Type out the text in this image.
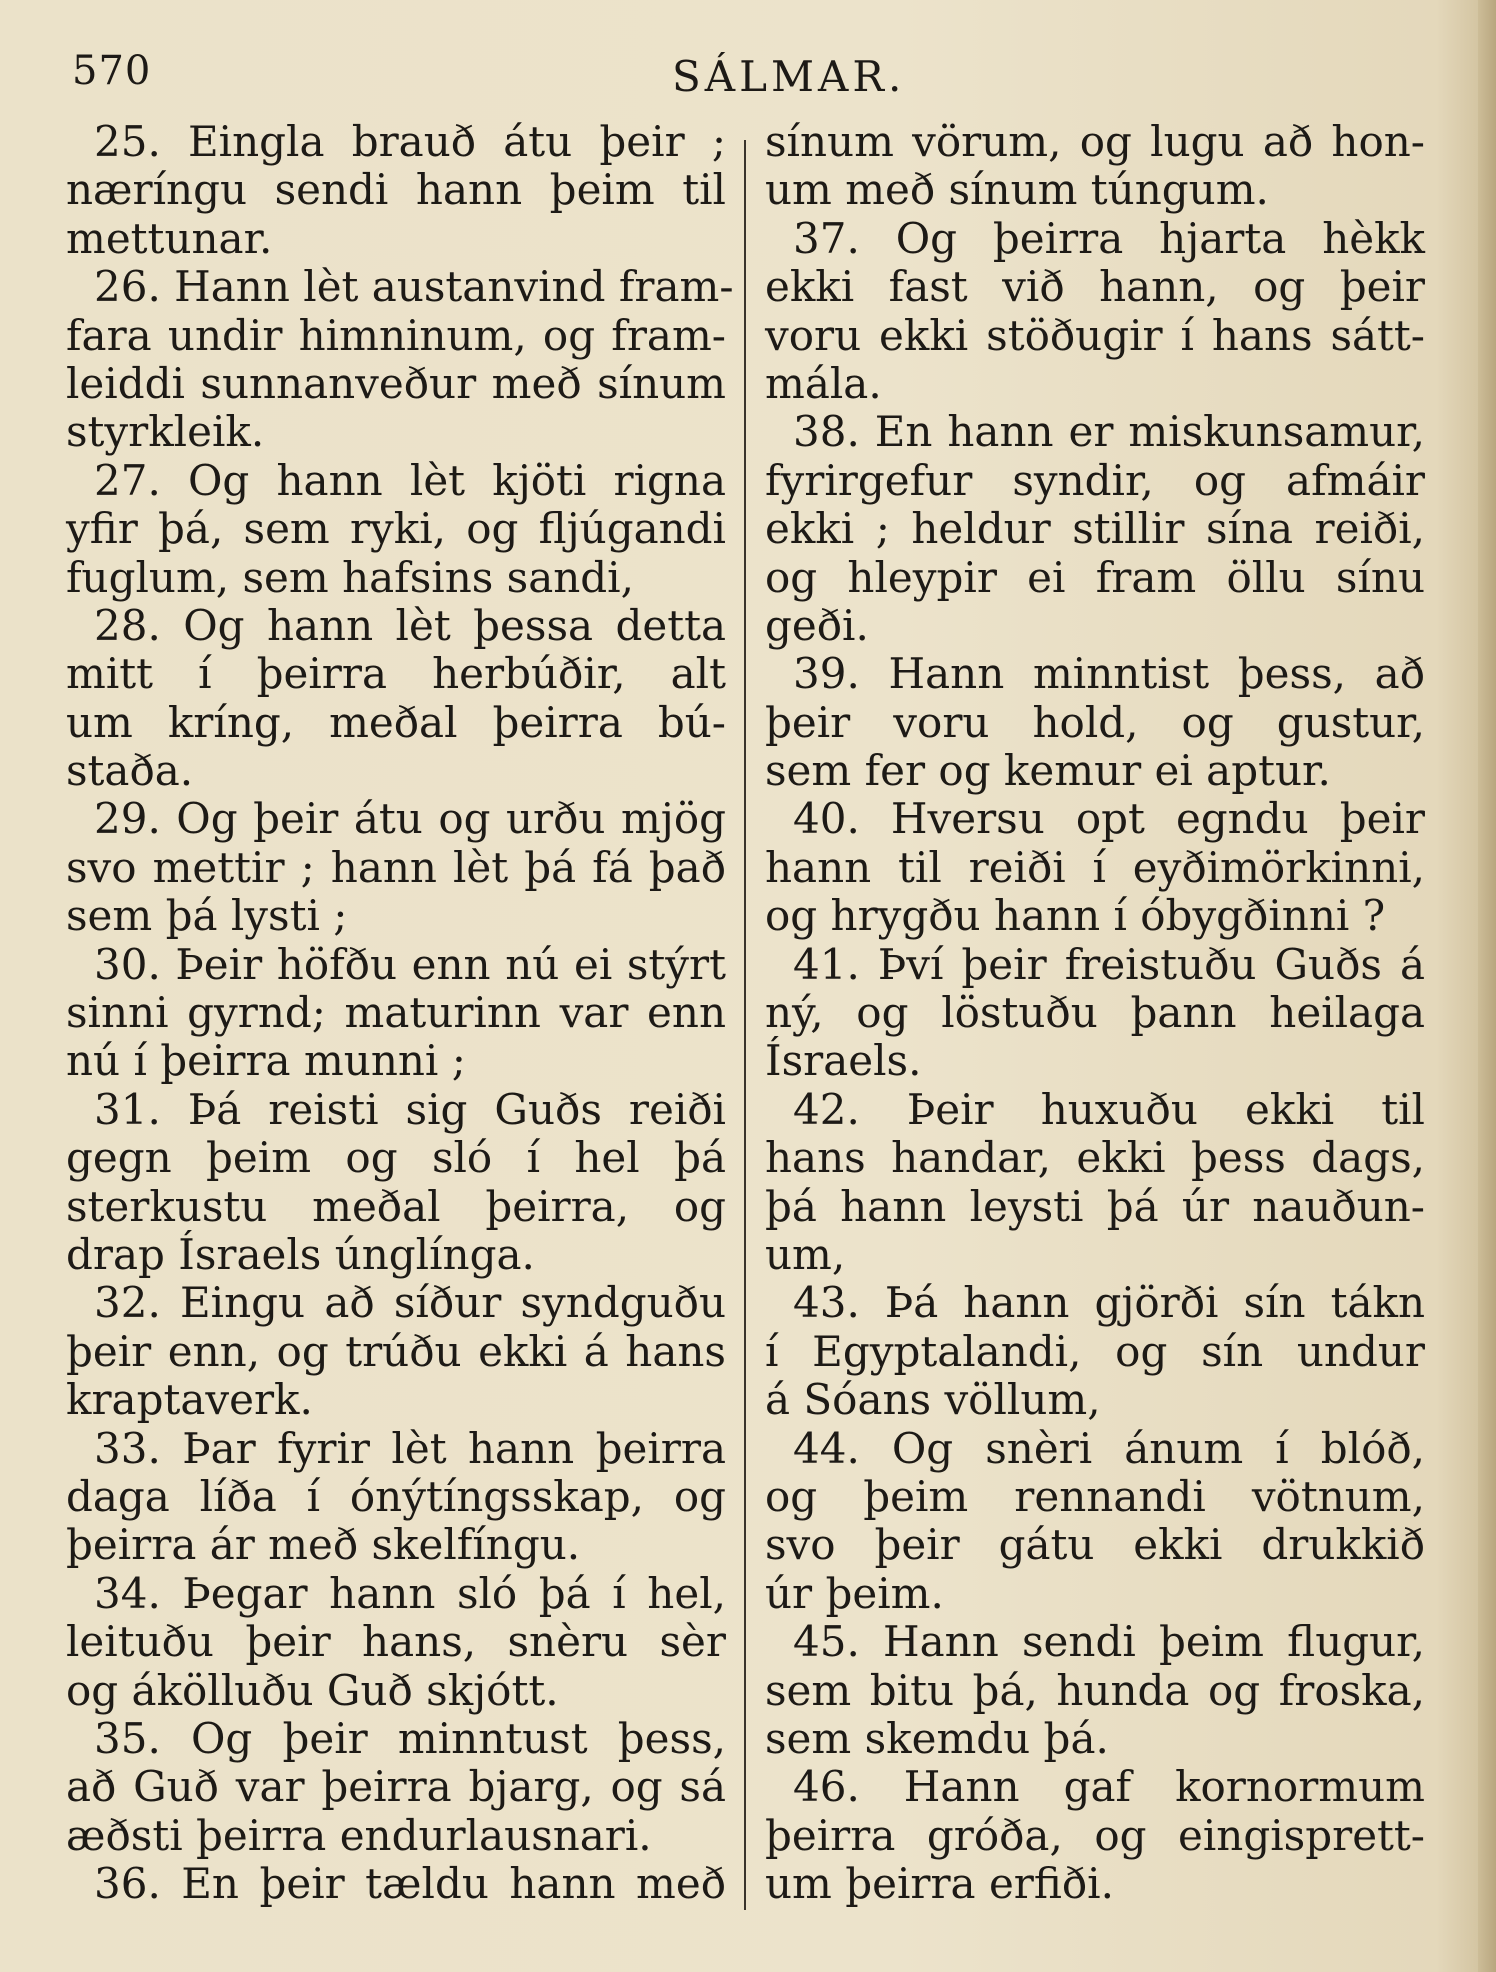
570	SÁLMAR.
25. Eingla brauð átu þeir ;
næríngu sendi hann þeim til
mettunar.
26. Hann lèt austanvind fram-
fara undir himninum, og fram-
leiddi sunnanveður með sínum
styrkleik.
27. Og hann lèt kjöti rigna
yfir þá, sem ryki, og fljúgandi
fuglum, sem hafsins sandi,
28. Og hann lèt þessa detta
mitt í þeirra herbúðir, alt
um kríng, meðal þeirra bú-
staða.
29. Og þeir átu og urðu mjög
svo mettir ; hann lèt þá fá það
sem þá lysti ;
30. Þeir höfðu enn nú ei stýrt
sinni gyrnd; maturinn var enn
nú í þeirra munni ;
31. Þá reisti sig Guðs reiði
gegn þeim og sló í hel þá
sterkustu meðal þeirra, og
drap Ísraels únglínga.
32. Eingu að síður syndguðu
þeir enn, og trúðu ekki á hans
kraptaverk.
33. Þar fyrir lèt hann þeirra
daga líða í ónýtíngsskap, og
þeirra ár með skelfíngu.
34. Þegar hann sló þá í hel,
leituðu þeir hans, snèru sèr
og ákölluðu Guð skjótt.
35. Og þeir minntust þess,
að Guð var þeirra bjarg, og sá
æðsti þeirra endurlausnari.
36. En þeir tældu hann með
sínum vörum, og lugu að hon-
um með sínum túngum.
37. Og þeirra hjarta hèkk
ekki fast við hann, og þeir
voru ekki stöðugir í hans sátt-
mála.
38. En hann er miskunsamur,
fyrirgefur syndir, og afmáir
ekki ; heldur stillir sína reiði,
og hleypir ei fram öllu sínu
geði.
39. Hann minntist þess, að
þeir voru hold, og gustur,
sem fer og kemur ei aptur.
40. Hversu opt egndu þeir
hann til reiði í eyðimörkinni,
og hrygðu hann í óbygðinni ?
41. Því þeir freistuðu Guðs á
ný, og löstuðu þann heilaga
Ísraels.
42. Þeir huxuðu ekki til
hans handar, ekki þess dags,
þá hann leysti þá úr nauðun-
um,
43. Þá hann gjörði sín tákn
í Egyptalandi, og sín undur
á Sóans völlum,
44. Og snèri ánum í blóð,
og þeim rennandi vötnum,
svo þeir gátu ekki drukkið
úr þeim.
45. Hann sendi þeim flugur,
sem bitu þá, hunda og froska,
sem skemdu þá.
46. Hann gaf kornormum
þeirra gróða, og eingisprett-
um þeirra erfiði.
